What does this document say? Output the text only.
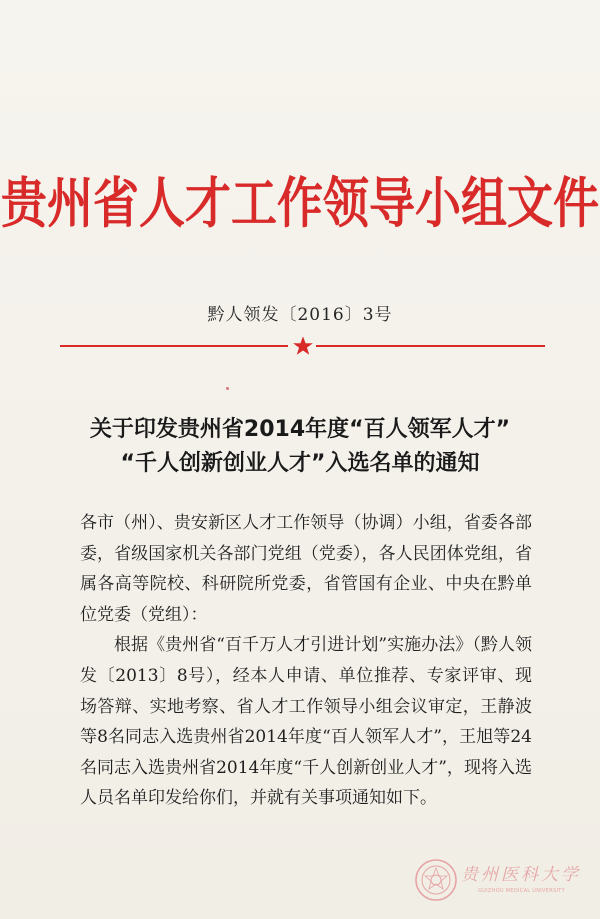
贵州省人才工作领导小组文件
黔人领发〔2016〕3号
关于印发贵州省2014年度“百人领军人才”
“千人创新创业人才”入选名单的通知

各市（州）、贵安新区人才工作领导（协调）小组，省委各部委，省级国家机关各部门党组（党委），各人民团体党组，省属各高等院校、科研院所党委，省管国有企业、中央在黔单位党委（党组）：

根据《贵州省“百千万人才引进计划”实施办法》（黔人领发〔2013〕8号），经本人申请、单位推荐、专家评审、现场答辩、实地考察、省人才工作领导小组会议审定，王静波等8名同志入选贵州省2014年度“百人领军人才”，王旭等24名同志入选贵州省2014年度“千人创新创业人才”，现将入选人员名单印发给你们，并就有关事项通知如下。

贵州医科大学
GUIZHOU MEDICAL UNIVERSITY
